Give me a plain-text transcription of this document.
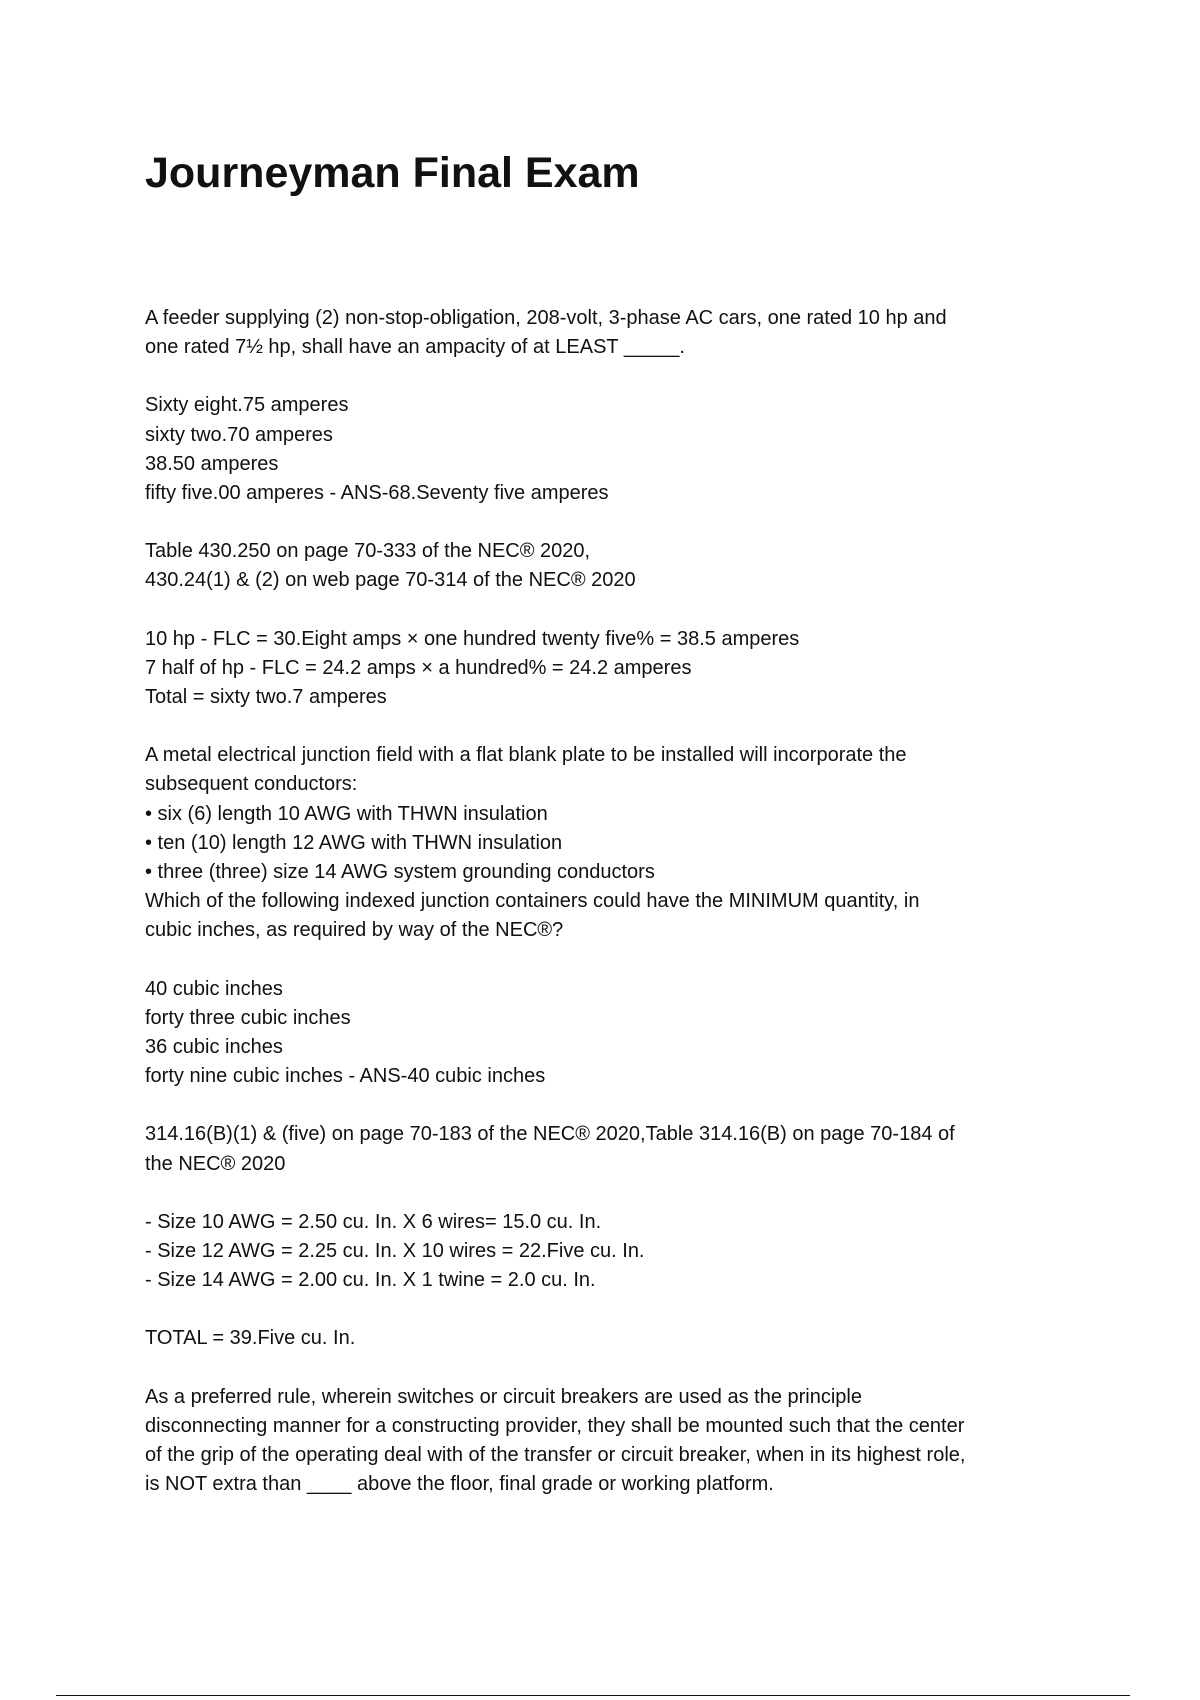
Journeyman Final Exam
A feeder supplying (2) non-stop-obligation, 208-volt, 3-phase AC cars, one rated 10 hp and
one rated 7½ hp, shall have an ampacity of at LEAST _____.
Sixty eight.75 amperes
sixty two.70 amperes
38.50 amperes
fifty five.00 amperes - ANS-68.Seventy five amperes
Table 430.250 on page 70-333 of the NEC® 2020,
430.24(1) & (2) on web page 70-314 of the NEC® 2020
10 hp - FLC = 30.Eight amps × one hundred twenty five% = 38.5 amperes
7 half of hp - FLC = 24.2 amps × a hundred% = 24.2 amperes
Total = sixty two.7 amperes
A metal electrical junction field with a flat blank plate to be installed will incorporate the
subsequent conductors:
• six (6) length 10 AWG with THWN insulation
• ten (10) length 12 AWG with THWN insulation
• three (three) size 14 AWG system grounding conductors
Which of the following indexed junction containers could have the MINIMUM quantity, in
cubic inches, as required by way of the NEC®?
40 cubic inches
forty three cubic inches
36 cubic inches
forty nine cubic inches - ANS-40 cubic inches
314.16(B)(1) & (five) on page 70-183 of the NEC® 2020,Table 314.16(B) on page 70-184 of
the NEC® 2020
- Size 10 AWG = 2.50 cu. In. X 6 wires= 15.0 cu. In.
- Size 12 AWG = 2.25 cu. In. X 10 wires = 22.Five cu. In.
- Size 14 AWG = 2.00 cu. In. X 1 twine = 2.0 cu. In.
TOTAL = 39.Five cu. In.
As a preferred rule, wherein switches or circuit breakers are used as the principle
disconnecting manner for a constructing provider, they shall be mounted such that the center
of the grip of the operating deal with of the transfer or circuit breaker, when in its highest role,
is NOT extra than ____ above the floor, final grade or working platform.
